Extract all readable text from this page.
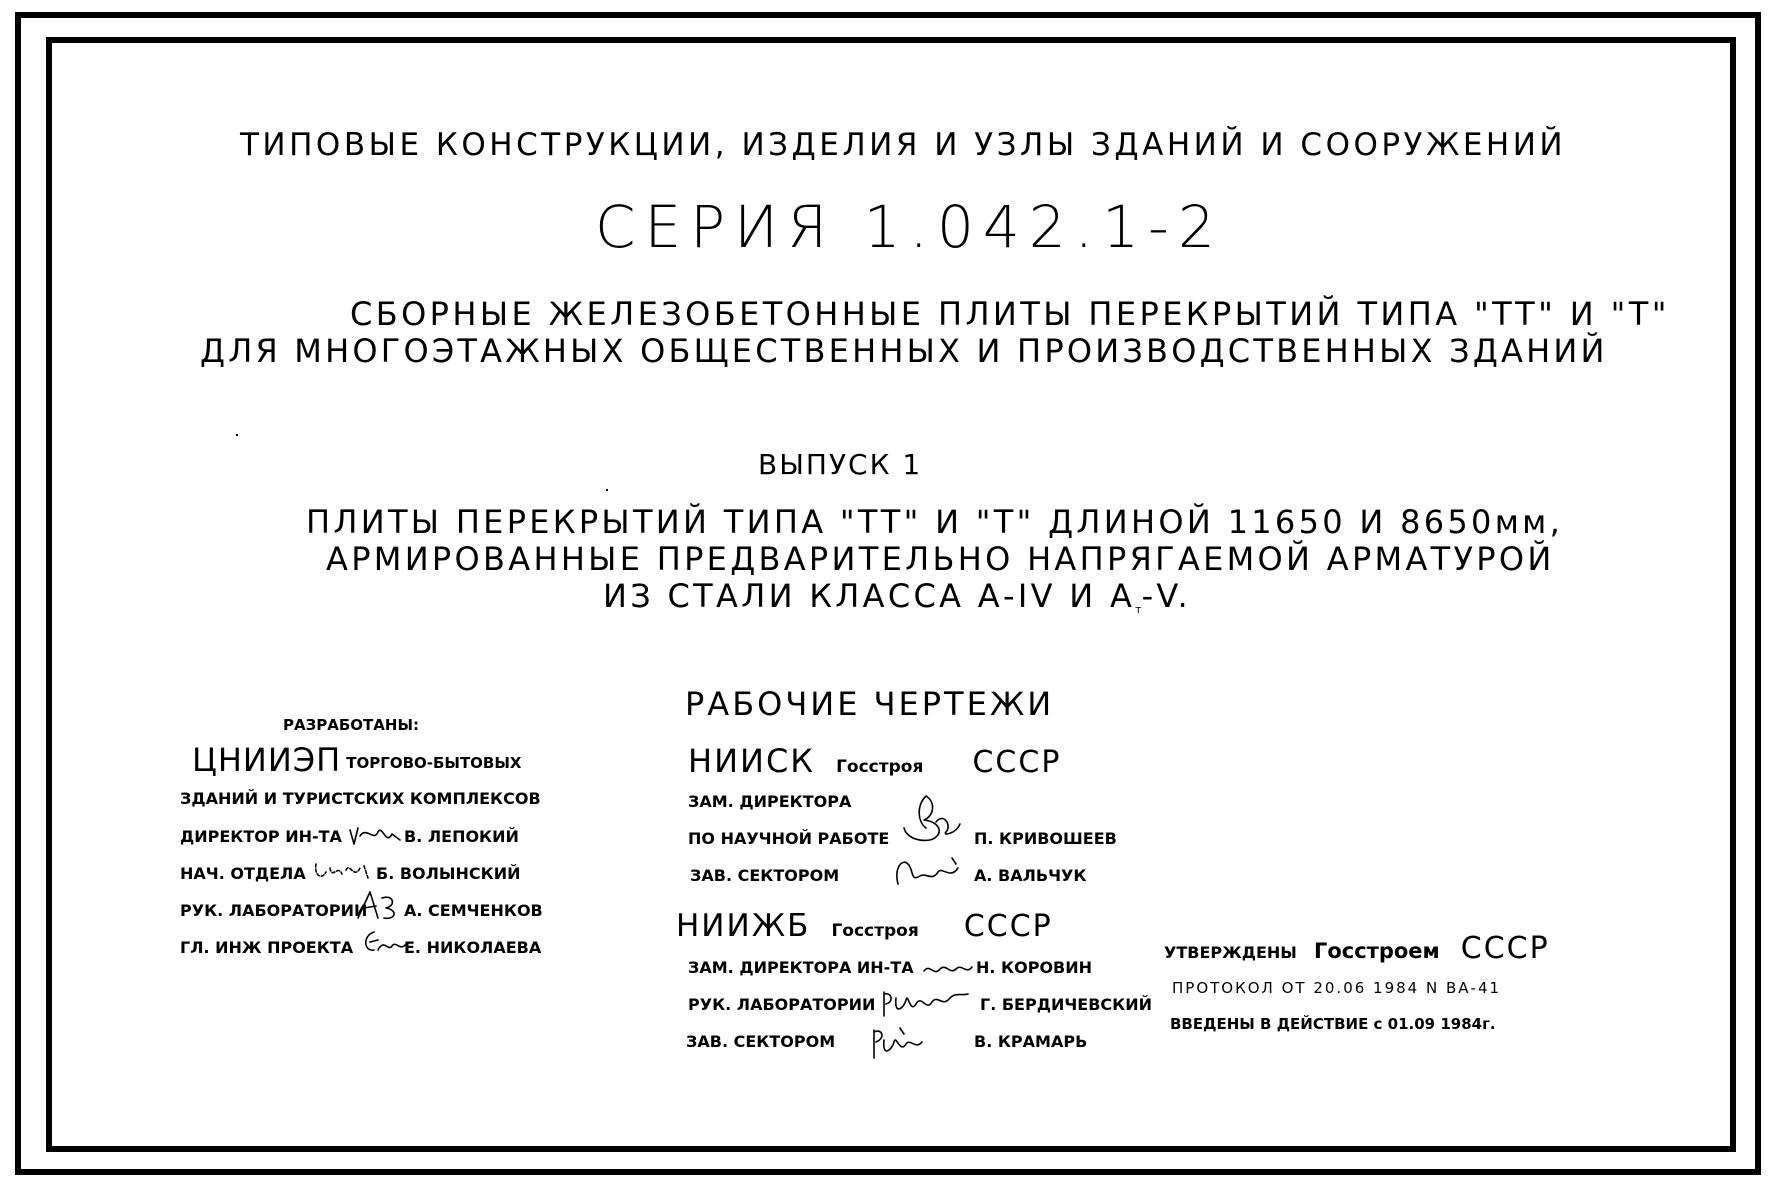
ТИПОВЫЕ КОНСТРУКЦИИ, ИЗДЕЛИЯ И УЗЛЫ ЗДАНИЙ И СООРУЖЕНИЙ
СЕРИЯ 1.042.1-2
СБОРНЫЕ ЖЕЛЕЗОБЕТОННЫЕ ПЛИТЫ ПЕРЕКРЫТИЙ ТИПА "ТТ" И "Т"
ДЛЯ МНОГОЭТАЖНЫХ ОБЩЕСТВЕННЫХ И ПРОИЗВОДСТВЕННЫХ ЗДАНИЙ
ВЫПУСК 1
ПЛИТЫ ПЕРЕКРЫТИЙ ТИПА "ТТ" И "Т" ДЛИНОЙ 11650 И 8650мм,
АРМИРОВАННЫЕ ПРЕДВАРИТЕЛЬНО НАПРЯГАЕМОЙ АРМАТУРОЙ
ИЗ СТАЛИ КЛАССА А-IV И Ат-V.
РАБОЧИЕ ЧЕРТЕЖИ
РАЗРАБОТАНЫ:
ЦНИИЭП ТОРГОВО-БЫТОВЫХ
ЗДАНИЙ И ТУРИСТСКИХ КОМПЛЕКСОВ
ДИРЕКТОР ИН-ТА	В. ЛЕПОКИЙ
НАЧ. ОТДЕЛА	Б. ВОЛЫНСКИЙ
РУК. ЛАБОРАТОРИИ А. СЕМЧЕНКОВ
ГЛ. ИНЖ ПРОЕКТА	Е. НИКОЛАЕВА
НИИСК Госстроя СССР
ЗАМ. ДИРЕКТОРА
ПО НАУЧНОЙ РАБОТЕ	П. КРИВОШЕЕВ
ЗАВ. СЕКТОРОМ	А. ВАЛЬЧУК
НИИЖБ Госстроя СССР
ЗАМ. ДИРЕКТОРА ИН-ТА	Н. КОРОВИН
РУК. ЛАБОРАТОРИИ	Г. БЕРДИЧЕВСКИЙ
ЗАВ. СЕКТОРОМ	В. КРАМАРЬ
УТВЕРЖДЕНЫ Госстроем СССР
ПРОТОКОЛ ОТ 20.06 1984 N ВА-41
ВВЕДЕНЫ В ДЕЙСТВИЕ с 01.09 1984г.
